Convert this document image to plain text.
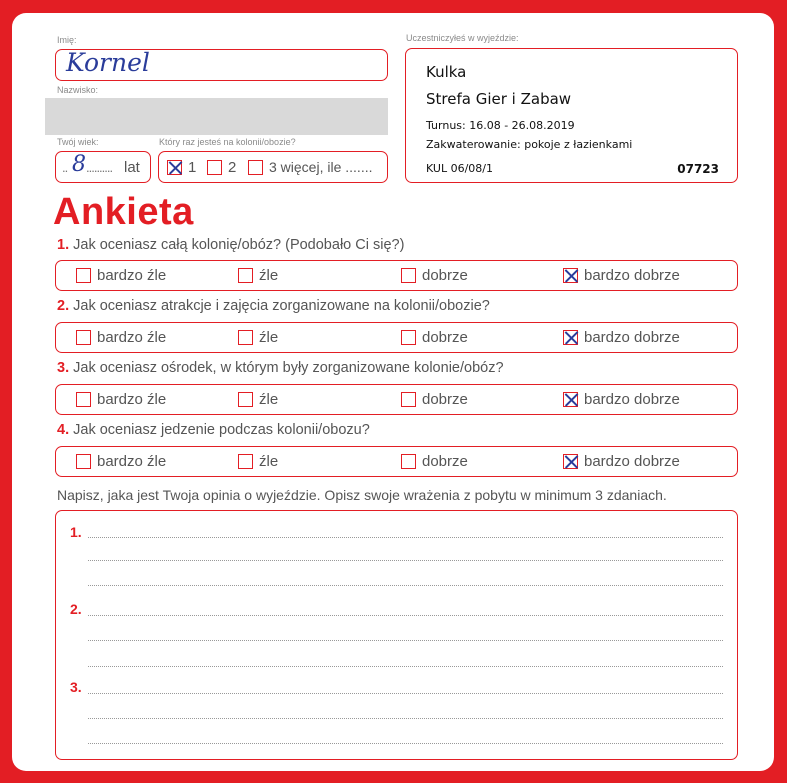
Imię:
Kornel
Nazwisko:
Twój wiek:
.. 8 .......... lat
Który raz jesteś na kolonii/obozie?
1 2 3 więcej, ile .......
Uczestniczyłeś w wyjeździe:
Kulka
Strefa Gier i Zabaw
Turnus: 16.08 - 26.08.2019
Zakwaterowanie: pokoje z łazienkami
KUL 06/08/1	07723
Ankieta
1. Jak oceniasz całą kolonię/obóz? (Podobało Ci się?)
bardzo źle	źle	dobrze	bardzo dobrze
2. Jak oceniasz atrakcje i zajęcia zorganizowane na kolonii/obozie?
bardzo źle	źle	dobrze	bardzo dobrze
3. Jak oceniasz ośrodek, w którym były zorganizowane kolonie/obóz?
bardzo źle	źle	dobrze	bardzo dobrze
4. Jak oceniasz jedzenie podczas kolonii/obozu?
bardzo źle	źle	dobrze	bardzo dobrze
Napisz, jaka jest Twoja opinia o wyjeździe. Opisz swoje wrażenia z pobytu w minimum 3 zdaniach.
1.
2.
3.
